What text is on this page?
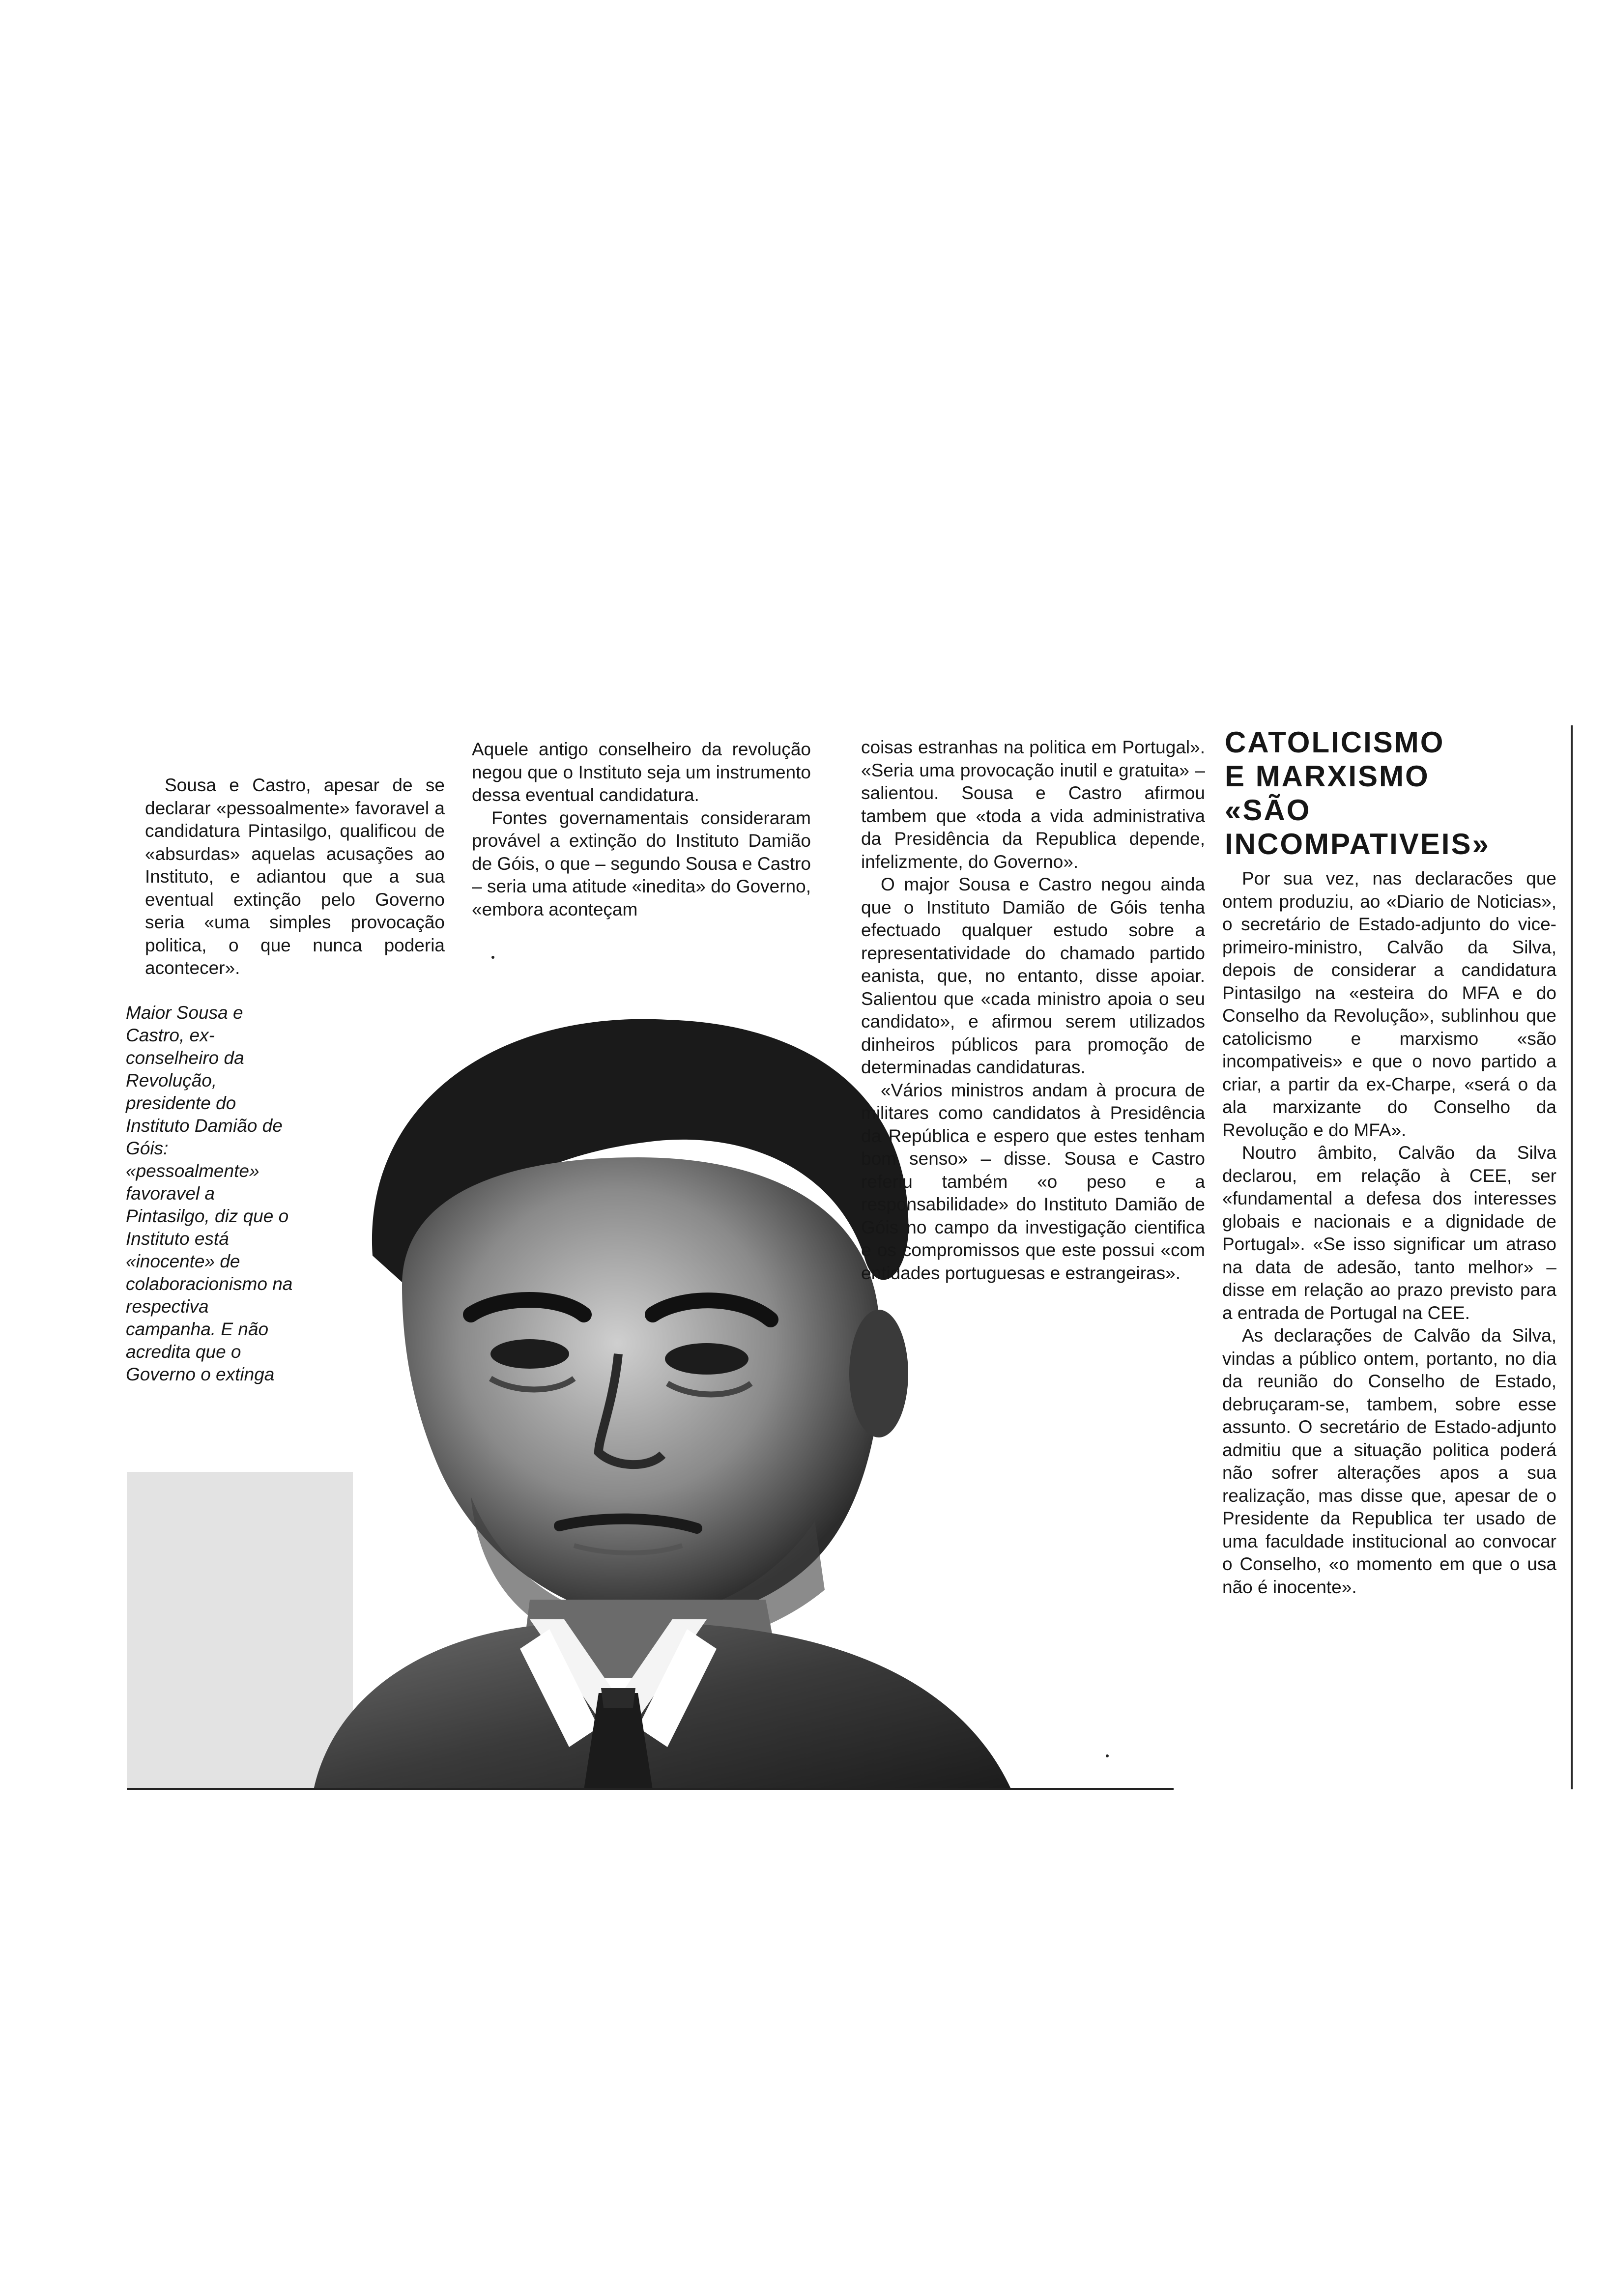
Sousa e Castro, apesar de se declarar «pessoalmente» favoravel a candidatura Pintasilgo, qualificou de «absurdas» aquelas acusações ao Instituto, e adiantou que a sua eventual extinção pelo Governo seria «uma simples provocação politica, o que nunca poderia acontecer».

Maior Sousa e Castro, ex-conselheiro da Revolução, presidente do Instituto Damião de Góis: «pessoalmente» favoravel a Pintasilgo, diz que o Instituto está «inocente» de colaboracionismo na respectiva campanha. E não acredita que o Governo o extinga

Aquele antigo conselheiro da revolução negou que o Instituto seja um instrumento dessa eventual candidatura.

Fontes governamentais consideraram provável a extinção do Instituto Damião de Góis, o que – segundo Sousa e Castro – seria uma atitude «inedita» do Governo, «embora aconteçam

coisas estranhas na politica em Portugal». «Seria uma provocação inutil e gratuita» – salientou. Sousa e Castro afirmou tambem que «toda a vida administrativa da Presidência da Republica depende, infelizmente, do Governo».

O major Sousa e Castro negou ainda que o Instituto Damião de Góis tenha efectuado qualquer estudo sobre a representatividade do chamado partido eanista, que, no entanto, disse apoiar. Salientou que «cada ministro apoia o seu candidato», e afirmou serem utilizados dinheiros públicos para promoção de determinadas candidaturas.

«Vários ministros andam à procura de militares como candidatos à Presidência da República e espero que estes tenham bom senso» – disse. Sousa e Castro referiu também «o peso e a responsabilidade» do Instituto Damião de Góis no campo da investigação cientifica e os compromissos que este possui «com entidades portuguesas e estrangeiras».

CATOLICISMO
E MARXISMO
«SÃO
INCOMPATIVEIS»

Por sua vez, nas declaracões que ontem produziu, ao «Diario de Noticias», o secretário de Estado-adjunto do vice-primeiro-ministro, Calvão da Silva, depois de considerar a candidatura Pintasilgo na «esteira do MFA e do Conselho da Revolução», sublinhou que catolicismo e marxismo «são incompativeis» e que o novo partido a criar, a partir da ex-Charpe, «será o da ala marxizante do Conselho da Revolução e do MFA».

Noutro âmbito, Calvão da Silva declarou, em relação à CEE, ser «fundamental a defesa dos interesses globais e nacionais e a dignidade de Portugal». «Se isso significar um atraso na data de adesão, tanto melhor» – disse em relação ao prazo previsto para a entrada de Portugal na CEE.

As declarações de Calvão da Silva, vindas a público ontem, portanto, no dia da reunião do Conselho de Estado, debruçaram-se, tambem, sobre esse assunto. O secretário de Estado-adjunto admitiu que a situação politica poderá não sofrer alterações apos a sua realização, mas disse que, apesar de o Presidente da Republica ter usado de uma faculdade institucional ao convocar o Conselho, «o momento em que o usa não é inocente».
